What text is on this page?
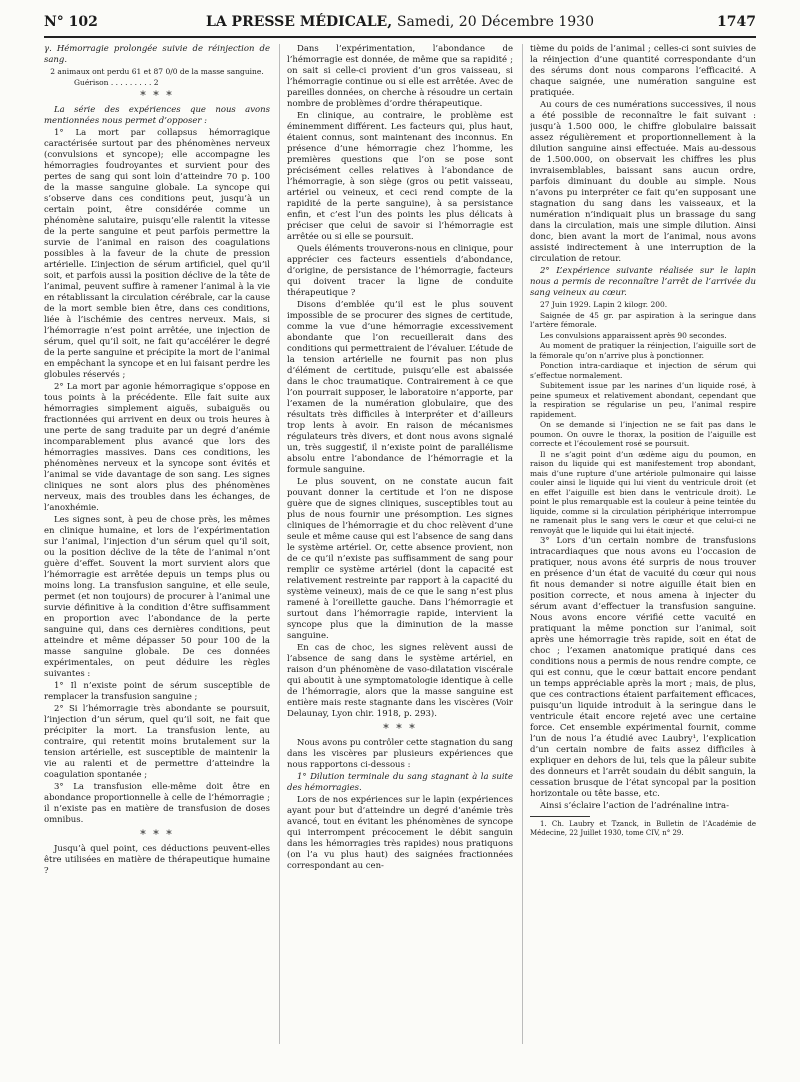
N° 102	LA PRESSE MÉDICALE, Samedi, 20 Décembre 1930	1747

γ. Hémorragie prolongée suivie de réinjection de sang.

2 animaux ont perdu 61 et 87 0/0 de la masse sanguine.

Guérison . . . . . . . . . 2

* * *

La série des expériences que nous avons mentionnées nous permet d’opposer :

1° La mort par collapsus hémorragique caractérisée surtout par des phénomènes nerveux (convulsions et syncope); elle accompagne les hémorragies foudroyantes et survient pour des pertes de sang qui sont loin d’atteindre 70 p. 100 de la masse sanguine globale. La syncope qui s’observe dans ces conditions peut, jusqu’à un certain point, être considérée comme un phénomène salutaire, puisqu’elle ralentit la vitesse de la perte sanguine et peut parfois permettre la survie de l’animal en raison des coagulations possibles à la faveur de la chute de pression artérielle. L’injection de sérum artificiel, quel qu’il soit, et parfois aussi la position déclive de la tête de l’animal, peuvent suffire à ramener l’animal à la vie en rétablissant la circulation cérébrale, car la cause de la mort semble bien être, dans ces conditions, liée à l’ischémie des centres nerveux. Mais, si l’hémorragie n’est point arrêtée, une injection de sérum, quel qu’il soit, ne fait qu’accélérer le degré de la perte sanguine et précipite la mort de l’animal en empêchant la syncope et en lui faisant perdre les globules réservés ;

2° La mort par agonie hémorragique s’oppose en tous points à la précédente. Elle fait suite aux hémorragies simplement aiguës, subaiguës ou fractionnées qui arrivent en deux ou trois heures à une perte de sang traduite par un degré d’anémie incomparablement plus avancé que lors des hémorragies massives. Dans ces conditions, les phénomènes nerveux et la syncope sont évités et l’animal se vide davantage de son sang. Les signes cliniques ne sont alors plus des phénomènes nerveux, mais des troubles dans les échanges, de l’anoxhémie.

Les signes sont, à peu de chose près, les mêmes en clinique humaine, et lors de l’expérimentation sur l’animal, l’injection d’un sérum quel qu’il soit, ou la position déclive de la tête de l’animal n’ont guère d’effet. Souvent la mort survient alors que l’hémorragie est arrêtée depuis un temps plus ou moins long. La transfusion sanguine, et elle seule, permet (et non toujours) de procurer à l’animal une survie définitive à la condition d’être suffisamment en proportion avec l’abondance de la perte sanguine qui, dans ces dernières conditions, peut atteindre et même dépasser 50 pour 100 de la masse sanguine globale. De ces données expérimentales, on peut déduire les règles suivantes :

1° Il n’existe point de sérum susceptible de remplacer la transfusion sanguine ;

2° Si l’hémorragie très abondante se poursuit, l’injection d’un sérum, quel qu’il soit, ne fait que précipiter la mort. La transfusion lente, au contraire, qui retentit moins brutalement sur la tension artérielle, est susceptible de maintenir la vie au ralenti et de permettre d’atteindre la coagulation spontanée ;

3° La transfusion elle-même doit être en abondance proportionnelle à celle de l’hémorragie ; il n’existe pas en matière de transfusion de doses omnibus.

* * *

Jusqu’à quel point, ces déductions peuvent-elles être utilisées en matière de thérapeutique humaine ?

Dans l’expérimentation, l’abondance de l’hémorragie est donnée, de même que sa rapidité ; on sait si celle-ci provient d’un gros vaisseau, si l’hémorragie continue ou si elle est arrêtée. Avec de pareilles données, on cherche à résoudre un certain nombre de problèmes d’ordre thérapeutique.

En clinique, au contraire, le problème est éminemment différent. Les facteurs qui, plus haut, étaient connus, sont maintenant des inconnus. En présence d’une hémorragie chez l’homme, les premières questions que l’on se pose sont précisément celles relatives à l’abondance de l’hémorragie, à son siège (gros ou petit vaisseau, artériel ou veineux, et ceci rend compte de la rapidité de la perte sanguine), à sa persistance enfin, et c’est l’un des points les plus délicats à préciser que celui de savoir si l’hémorragie est arrêtée ou si elle se poursuit.

Quels éléments trouverons-nous en clinique, pour apprécier ces facteurs essentiels d’abondance, d’origine, de persistance de l’hémorragie, facteurs qui doivent tracer la ligne de conduite thérapeutique ?

Disons d’emblée qu’il est le plus souvent impossible de se procurer des signes de certitude, comme la vue d’une hémorragie excessivement abondante que l’on recueillerait dans des conditions qui permettraient de l’évaluer. L’étude de la tension artérielle ne fournit pas non plus d’élément de certitude, puisqu’elle est abaissée dans le choc traumatique. Contrairement à ce que l’on pourrait supposer, le laboratoire n’apporte, par l’examen de la numération globulaire, que des résultats très difficiles à interpréter et d’ailleurs trop lents à avoir. En raison de mécanismes régulateurs très divers, et dont nous avons signalé un, très suggestif, il n’existe point de parallélisme absolu entre l’abondance de l’hémorragie et la formule sanguine.

Le plus souvent, on ne constate aucun fait pouvant donner la certitude et l’on ne dispose guère que de signes cliniques, susceptibles tout au plus de nous fournir une présomption. Les signes cliniques de l’hémorragie et du choc relèvent d’une seule et même cause qui est l’absence de sang dans le système artériel. Or, cette absence provient, non de ce qu’il n’existe pas suffisamment de sang pour remplir ce système artériel (dont la capacité est relativement restreinte par rapport à la capacité du système veineux), mais de ce que le sang n’est plus ramené à l’oreillette gauche. Dans l’hémorragie et surtout dans l’hémorragie rapide, intervient la syncope plus que la diminution de la masse sanguine.

En cas de choc, les signes relèvent aussi de l’absence de sang dans le système artériel, en raison d’un phénomène de vaso-dilatation viscérale qui aboutit à une symptomatologie identique à celle de l’hémorragie, alors que la masse sanguine est entière mais reste stagnante dans les viscères (Voir Delaunay, Lyon chir. 1918, p. 293).

* * *

Nous avons pu contrôler cette stagnation du sang dans les viscères par plusieurs expériences que nous rapportons ci-dessous :

1° Dilution terminale du sang stagnant à la suite des hémorragies.

Lors de nos expériences sur le lapin (expériences ayant pour but d’atteindre un degré d’anémie très avancé, tout en évitant les phénomènes de syncope qui interrompent précocement le débit sanguin dans les hémorragies très rapides) nous pratiquons (on l’a vu plus haut) des saignées fractionnées correspondant au cen-

tième du poids de l’animal ; celles-ci sont suivies de la réinjection d’une quantité correspondante d’un des sérums dont nous comparons l’efficacité. A chaque saignée, une numération sanguine est pratiquée.

Au cours de ces numérations successives, il nous a été possible de reconnaître le fait suivant : jusqu’à 1.500 000, le chiffre globulaire baissait assez régulièrement et proportionnellement à la dilution sanguine ainsi effectuée. Mais au-dessous de 1.500.000, on observait les chiffres les plus invraisemblables, baissant sans aucun ordre, parfois diminuant du double au simple. Nous n’avons pu interpréter ce fait qu’en supposant une stagnation du sang dans les vaisseaux, et la numération n’indiquait plus un brassage du sang dans la circulation, mais une simple dilution. Ainsi donc, bien avant la mort de l’animal, nous avons assisté indirectement à une interruption de la circulation de retour.

2° L’expérience suivante réalisée sur le lapin nous a permis de reconnaître l’arrêt de l’arrivée du sang veineux au cœur.

27 Juin 1929. Lapin 2 kilogr. 200.

Saignée de 45 gr. par aspiration à la seringue dans l’artère fémorale.

Les convulsions apparaissent après 90 secondes.

Au moment de pratiquer la réinjection, l’aiguille sort de la fémorale qu’on n’arrive plus à ponctionner.

Ponction intra-cardiaque et injection de sérum qui s’effectue normalement.

Subitement issue par les narines d’un liquide rosé, à peine spumeux et relativement abondant, cependant que la respiration se régularise un peu, l’animal respire rapidement.

On se demande si l’injection ne se fait pas dans le poumon. On ouvre le thorax, la position de l’aiguille est correcte et l’écoulement rosé se poursuit.

Il ne s’agit point d’un œdème aigu du poumon, en raison du liquide qui est manifestement trop abondant, mais d’une rupture d’une artériole pulmonaire qui laisse couler ainsi le liquide qui lui vient du ventricule droit (et en effet l’aiguille est bien dans le ventricule droit). Le point le plus remarquable est la couleur à peine teintée du liquide, comme si la circulation périphérique interrompue ne ramenait plus le sang vers le cœur et que celui-ci ne renvoyât que le liquide qui lui était injecté.

3° Lors d’un certain nombre de transfusions intracardiaques que nous avons eu l’occasion de pratiquer, nous avons été surpris de nous trouver en présence d’un état de vacuité du cœur qui nous fit nous demander si notre aiguille était bien en position correcte, et nous amena à injecter du sérum avant d’effectuer la transfusion sanguine. Nous avons encore vérifié cette vacuité en pratiquant la même ponction sur l’animal, soit après une hémorragie très rapide, soit en état de choc ; l’examen anatomique pratiqué dans ces conditions nous a permis de nous rendre compte, ce qui est connu, que le cœur battait encore pendant un temps appréciable après la mort ; mais, de plus, que ces contractions étaient parfaitement efficaces, puisqu’un liquide introduit à la seringue dans le ventricule était encore rejeté avec une certaine force. Cet ensemble expérimental fournit, comme l’un de nous l’a étudié avec Laubry¹, l’explication d’un certain nombre de faits assez difficiles à expliquer en dehors de lui, tels que la pâleur subite des donneurs et l’arrêt soudain du débit sanguin, la cessation brusque de l’état syncopal par la position horizontale ou tête basse, etc.

Ainsi s’éclaire l’action de l’adrénaline intra-

1. Ch. Laubry et Tzanck, in Bulletin de l’Académie de Médecine, 22 Juillet 1930, tome CIV, n° 29.
